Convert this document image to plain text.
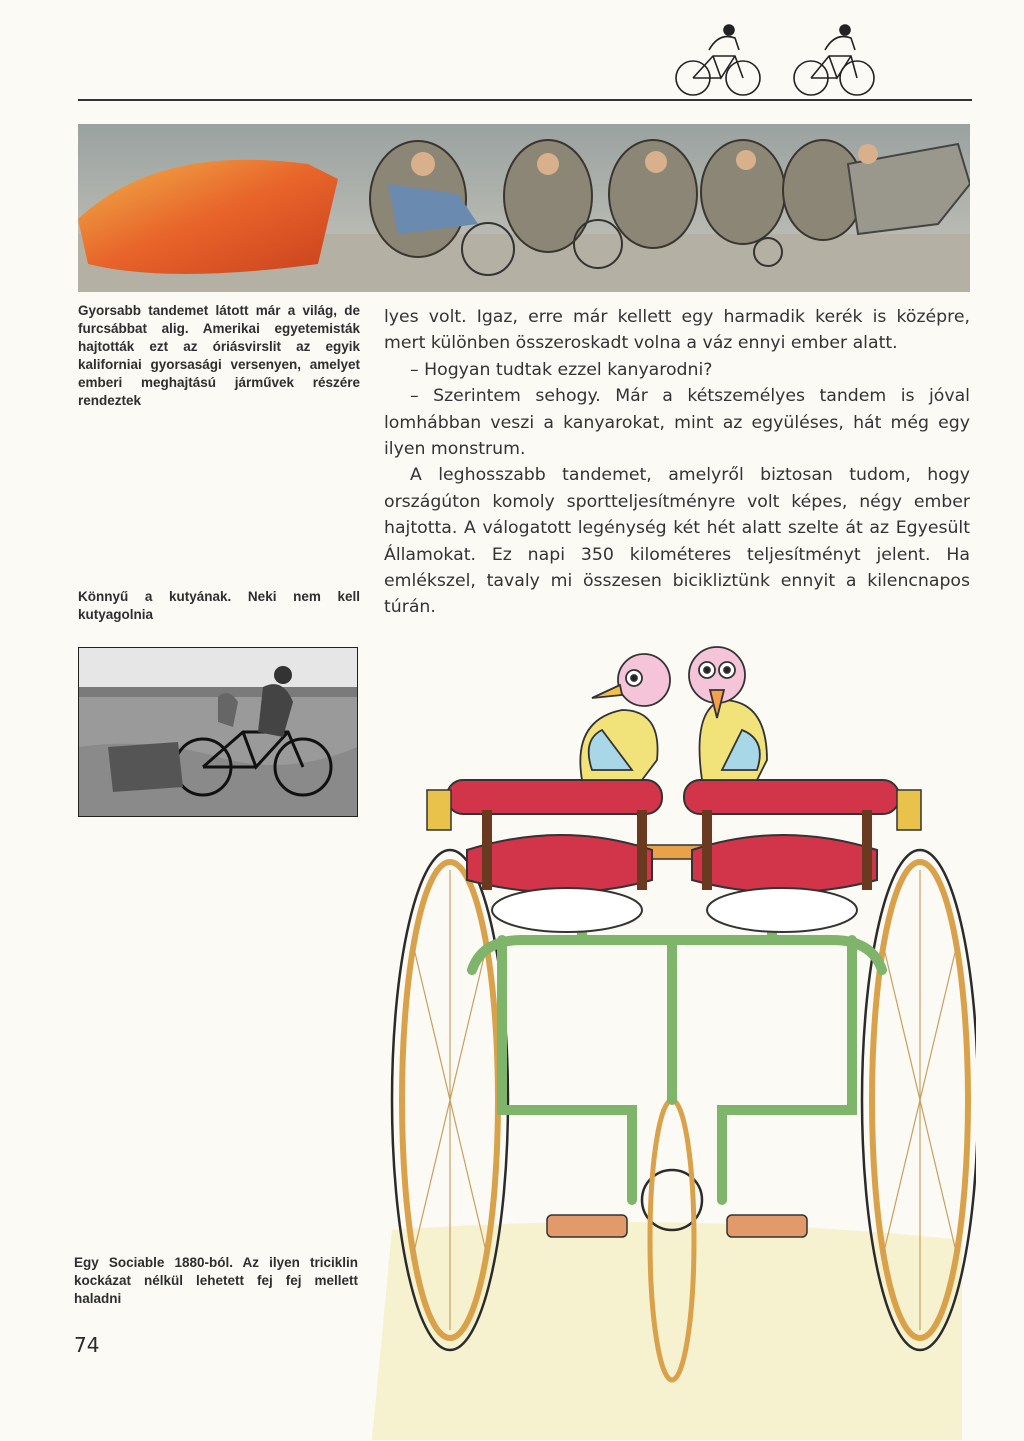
Gyorsabb tandemet látott már a világ, de furcsábbat alig. Amerikai egyetemisták hajtották ezt az óriásvirslit az egyik kaliforniai gyorsasági versenyen, amelyet emberi meghajtású járművek részére rendeztek
Könnyű a kutyának. Neki nem kell kutyagolnia

lyes volt. Igaz, erre már kellett egy harmadik kerék is középre, mert különben összeroskadt volna a váz ennyi ember alatt.

– Hogyan tudtak ezzel kanyarodni?

– Szerintem sehogy. Már a kétszemélyes tandem is jóval lomhábban veszi a kanyarokat, mint az együléses, hát még egy ilyen monstrum.

A leghosszabb tandemet, amelyről biztosan tudom, hogy országúton komoly sportteljesítményre volt képes, négy ember hajtotta. A válogatott legénység két hét alatt szelte át az Egyesült Államokat. Ez napi 350 kilométeres teljesítményt jelent. Ha emlékszel, tavaly mi összesen bicikliztünk ennyit a kilencnapos túrán.

Egy Sociable 1880-ból. Az ilyen triciklin kockázat nélkül lehetett fej fej mellett haladni
74
